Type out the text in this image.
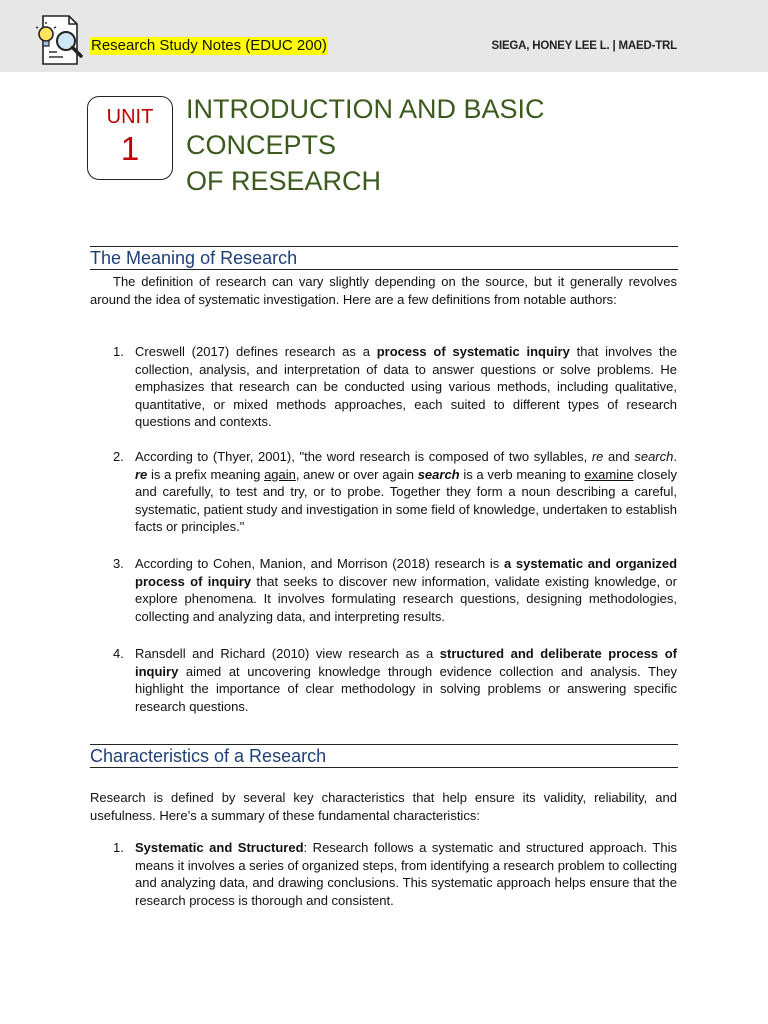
Research Study Notes (EDUC 200)	SIEGA, HONEY LEE L. | MAED-TRL
UNIT
1
INTRODUCTION AND BASIC
CONCEPTS
OF RESEARCH
The Meaning of Research

The definition of research can vary slightly depending on the source, but it generally revolves around the idea of systematic investigation. Here are a few definitions from notable authors:

1. Creswell (2017) defines research as a process of systematic inquiry that involves the collection, analysis, and interpretation of data to answer questions or solve problems. He emphasizes that research can be conducted using various methods, including qualitative, quantitative, or mixed methods approaches, each suited to different types of research questions and contexts.
2. According to (Thyer, 2001), "the word research is composed of two syllables, re and search. re is a prefix meaning again, anew or over again search is a verb meaning to examine closely and carefully, to test and try, or to probe. Together they form a noun describing a careful, systematic, patient study and investigation in some field of knowledge, undertaken to establish facts or principles."
3. According to Cohen, Manion, and Morrison (2018) research is a systematic and organized process of inquiry that seeks to discover new information, validate existing knowledge, or explore phenomena. It involves formulating research questions, designing methodologies, collecting and analyzing data, and interpreting results.
4. Ransdell and Richard (2010) view research as a structured and deliberate process of inquiry aimed at uncovering knowledge through evidence collection and analysis. They highlight the importance of clear methodology in solving problems or answering specific research questions.
Characteristics of a Research

Research is defined by several key characteristics that help ensure its validity, reliability, and usefulness. Here’s a summary of these fundamental characteristics:

1. Systematic and Structured: Research follows a systematic and structured approach. This means it involves a series of organized steps, from identifying a research problem to collecting and analyzing data, and drawing conclusions. This systematic approach helps ensure that the research process is thorough and consistent.
